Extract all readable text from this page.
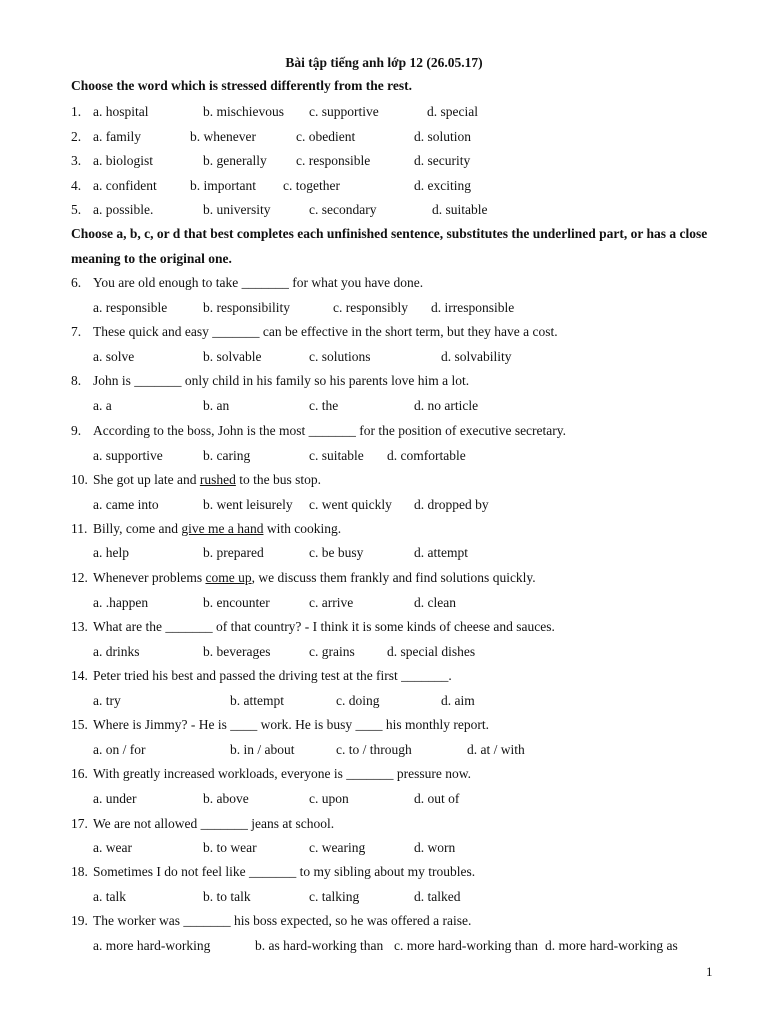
Bài tập tiếng anh lớp 12 (26.05.17)
Choose the word which is stressed differently from the rest.
1. a. hospital	b. mischievous c. supportive	d. special
2. a. family	b. whenever	c. obedient	d. solution
3. a. biologist	b. generally c. responsible	d. security
4. a. confident b. important c. together	d. exciting
5. a. possible.	b. university	c. secondary	d. suitable
Choose a, b, c, or d that best completes each unfinished sentence, substitutes the underlined part, or has a close meaning to the original one.
6. You are old enough to take _______ for what you have done.
a. responsible	b. responsibility	c. responsibly d. irresponsible
7. These quick and easy _______ can be effective in the short term, but they have a cost.
a. solve	b. solvable	c. solutions	d. solvability
8. John is _______ only child in his family so his parents love him a lot.
a. a	b. an	c. the	d. no article
9. According to the boss, John is the most _______ for the position of executive secretary.
a. supportive	b. caring	c. suitable d. comfortable
10. She got up late and rushed to the bus stop.
a. came into	b. went leisurely c. went quickly d. dropped by
11. Billy, come and give me a hand with cooking.
a. help	b. prepared	c. be busy	d. attempt
12. Whenever problems come up, we discuss them frankly and find solutions quickly.
a. .happen	b. encounter	c. arrive	d. clean
13. What are the _______ of that country? - I think it is some kinds of cheese and sauces.
a. drinks	b. beverages	c. grains d. special dishes
14. Peter tried his best and passed the driving test at the first _______.
a. try	b. attempt	c. doing	d. aim
15. Where is Jimmy? - He is ____ work. He is busy ____ his monthly report.
a. on / for	b. in / about	c. to / through	d. at / with
16. With greatly increased workloads, everyone is _______ pressure now.
a. under	b. above	c. upon	d. out of
17. We are not allowed _______ jeans at school.
a. wear	b. to wear	c. wearing	d. worn
18. Sometimes I do not feel like _______ to my sibling about my troubles.
a. talk	b. to talk	c. talking	d. talked
19. The worker was _______ his boss expected, so he was offered a raise.
a. more hard-working	b. as hard-working than c. more hard-working than d. more hard-working as
1
